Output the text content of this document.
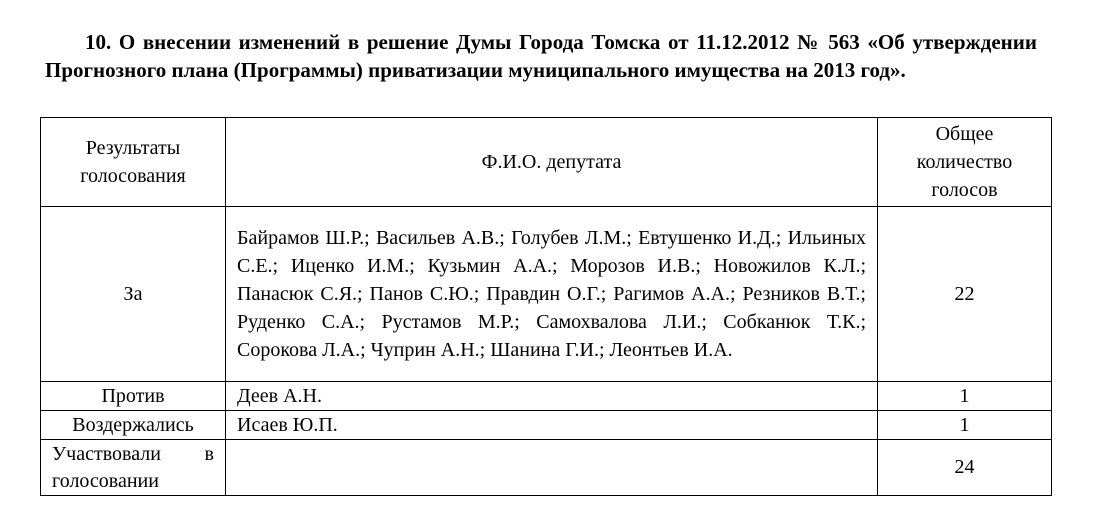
10. О внесении изменений в решение Думы Города Томска от 11.12.2012 № 563 «Об утверждении Прогнозного плана (Программы) приватизации муниципального имущества на 2013 год».
Результаты голосования	Ф.И.О. депутата	Общее количество голосов
За	Байрамов Ш.Р.; Васильев А.В.; Голубев Л.М.; Евтушенко И.Д.; Ильиных С.Е.; Иценко И.М.; Кузьмин А.А.; Морозов И.В.; Новожилов К.Л.; Панасюк С.Я.; Панов С.Ю.; Правдин О.Г.; Рагимов А.А.; Резников В.Т.; Руденко С.А.; Рустамов М.Р.; Самохвалова Л.И.; Собканюк Т.К.; Сорокова Л.А.; Чуприн А.Н.; Шанина Г.И.; Леонтьев И.А.	22
Против	Деев А.Н.	1
Воздержались	Исаев Ю.П.	1
Участвовали в голосовании		24
